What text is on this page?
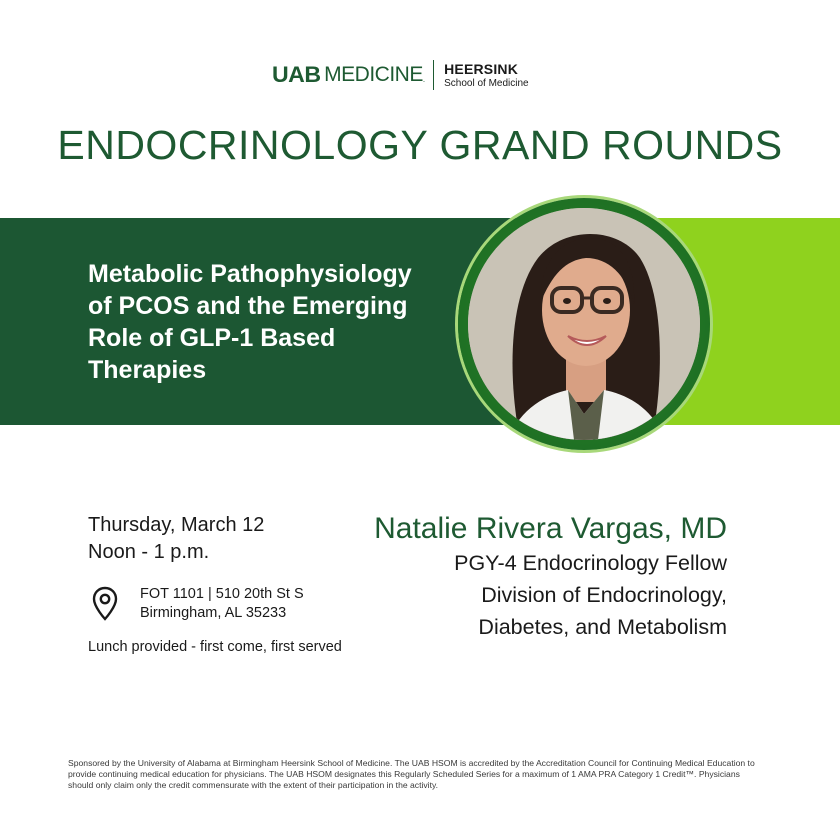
UAB MEDICINE .
HEERSINK
School of Medicine
ENDOCRINOLOGY GRAND ROUNDS
Metabolic Pathophysiology
of PCOS and the Emerging
Role of GLP-1 Based
Therapies
Thursday, March 12
Noon - 1 p.m.
FOT 1101 | 510 20th St S
Birmingham, AL 35233
Lunch provided - first come, first served
Natalie Rivera Vargas, MD
PGY-4 Endocrinology Fellow
Division of Endocrinology,
Diabetes, and Metabolism
Sponsored by the University of Alabama at Birmingham Heersink School of Medicine. The UAB HSOM is accredited by the Accreditation Council for Continuing Medical Education to
provide continuing medical education for physicians. The UAB HSOM designates this Regularly Scheduled Series for a maximum of 1 AMA PRA Category 1 Credit™. Physicians
should only claim only the credit commensurate with the extent of their participation in the activity.
